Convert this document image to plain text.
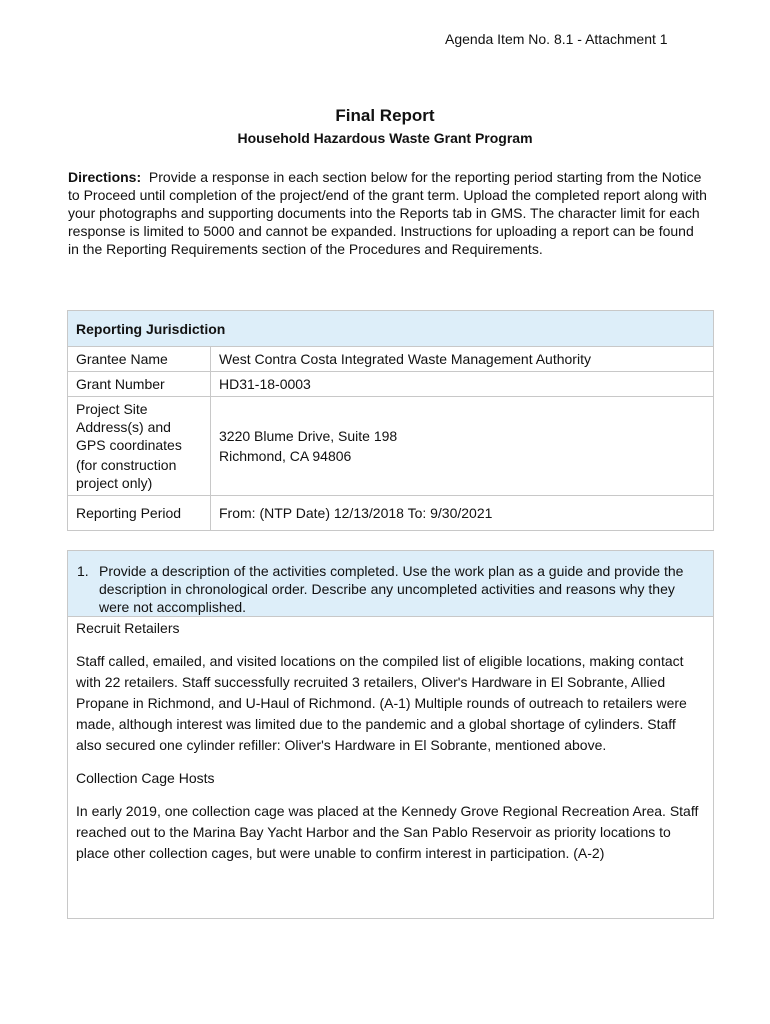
Agenda Item No. 8.1 - Attachment 1
Final Report
Household Hazardous Waste Grant Program
Directions: Provide a response in each section below for the reporting period starting from the Notice to Proceed until completion of the project/end of the grant term. Upload the completed report along with your photographs and supporting documents into the Reports tab in GMS. The character limit for each response is limited to 5000 and cannot be expanded. Instructions for uploading a report can be found in the Reporting Requirements section of the Procedures and Requirements.
Reporting Jurisdiction	
Grantee Name	West Contra Costa Integrated Waste Management Authority
Grant Number	HD31-18-0003

Project Site Address(s) and GPS coordinates
(for construction project only)	3220 Blume Drive, Suite 198
Richmond, CA 94806

Reporting Period	From: (NTP Date) 12/13/2018 To: 9/30/2021
1. Provide a description of the activities completed. Use the work plan as a guide and provide the description in chronological order. Describe any uncompleted activities and reasons why they were not accomplished.

Recruit Retailers

Staff called, emailed, and visited locations on the compiled list of eligible locations, making contact with 22 retailers. Staff successfully recruited 3 retailers, Oliver's Hardware in El Sobrante, Allied Propane in Richmond, and U-Haul of Richmond. (A-1) Multiple rounds of outreach to retailers were made, although interest was limited due to the pandemic and a global shortage of cylinders. Staff also secured one cylinder refiller: Oliver's Hardware in El Sobrante, mentioned above.

Collection Cage Hosts

In early 2019, one collection cage was placed at the Kennedy Grove Regional Recreation Area. Staff reached out to the Marina Bay Yacht Harbor and the San Pablo Reservoir as priority locations to place other collection cages, but were unable to confirm interest in participation. (A-2)
